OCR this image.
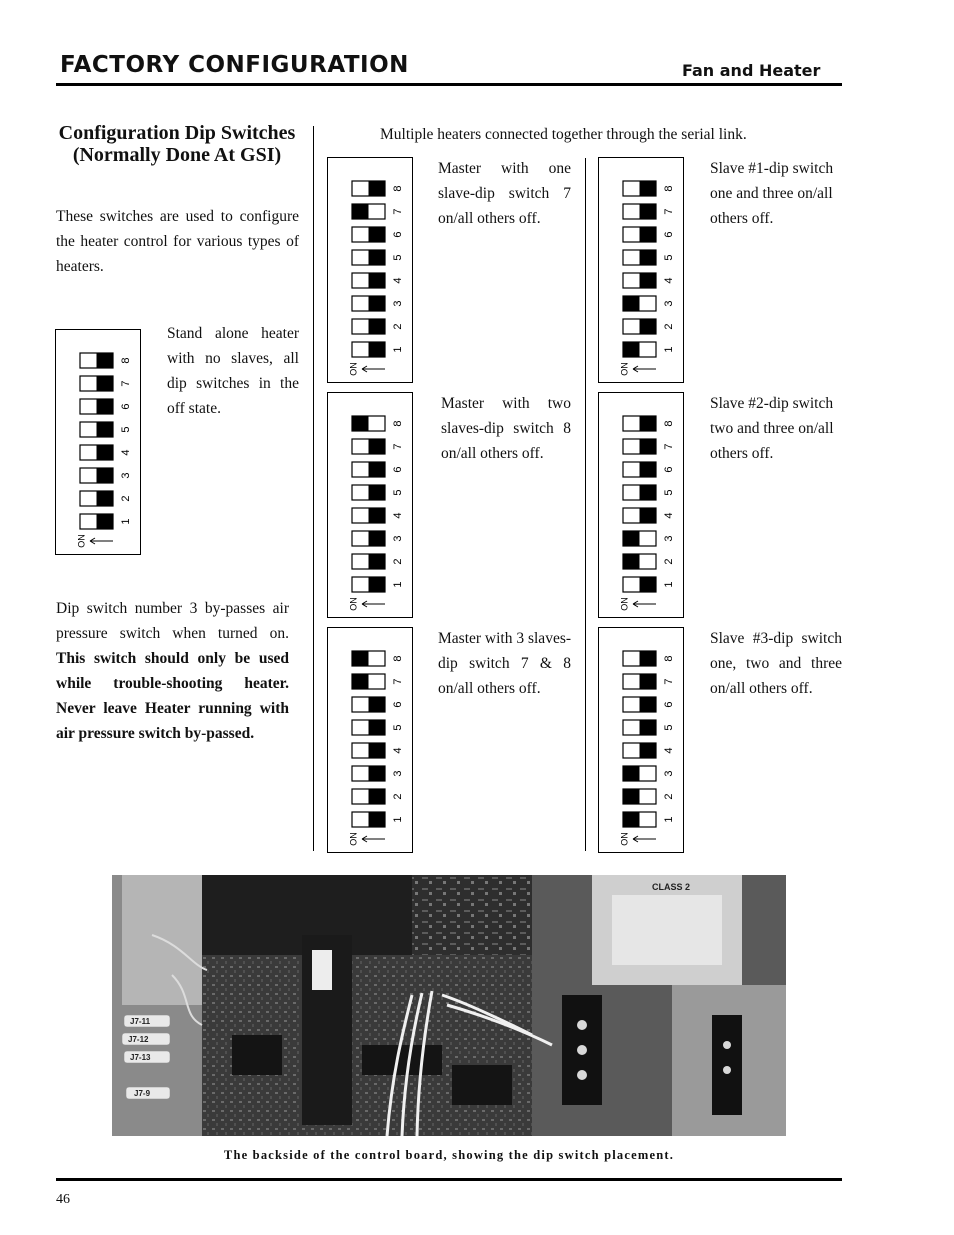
FACTORY CONFIGURATION	Fan and Heater
Configuration Dip Switches (Normally Done At GSI)
These switches are used to configure the heater control for various types of heaters.
8
7
6
5
4
3
2
1
ON
Stand alone heater with no slaves, all dip switches in the off state.
Dip switch number 3 by-passes air pressure switch when turned on. This switch should only be used while trouble-shooting heater. Never leave Heater running with air pressure switch by-passed.
Multiple heaters connected together through the serial link.
8
7
6
5
4
3
2
1
ON
Master with one slave-dip switch 7 on/all others off.
8
7
6
5
4
3
2
1
ON
Slave #1-dip switch one and three on/all others off.
8
7
6
5
4
3
2
1
ON
Master with two slaves-dip switch 8 on/all others off.
8
7
6
5
4
3
2
1
ON
Slave #2-dip switch two and three on/all others off.
8
7
6
5
4
3
2
1
ON
Master with 3 slaves-dip switch 7 & 8 on/all others off.
8
7
6
5
4
3
2
1
ON
Slave #3-dip switch one, two and three on/all others off.
J7-11
J7-12
J7-13
J7-9
CLASS 2
The backside of the control board, showing the dip switch placement.
46
